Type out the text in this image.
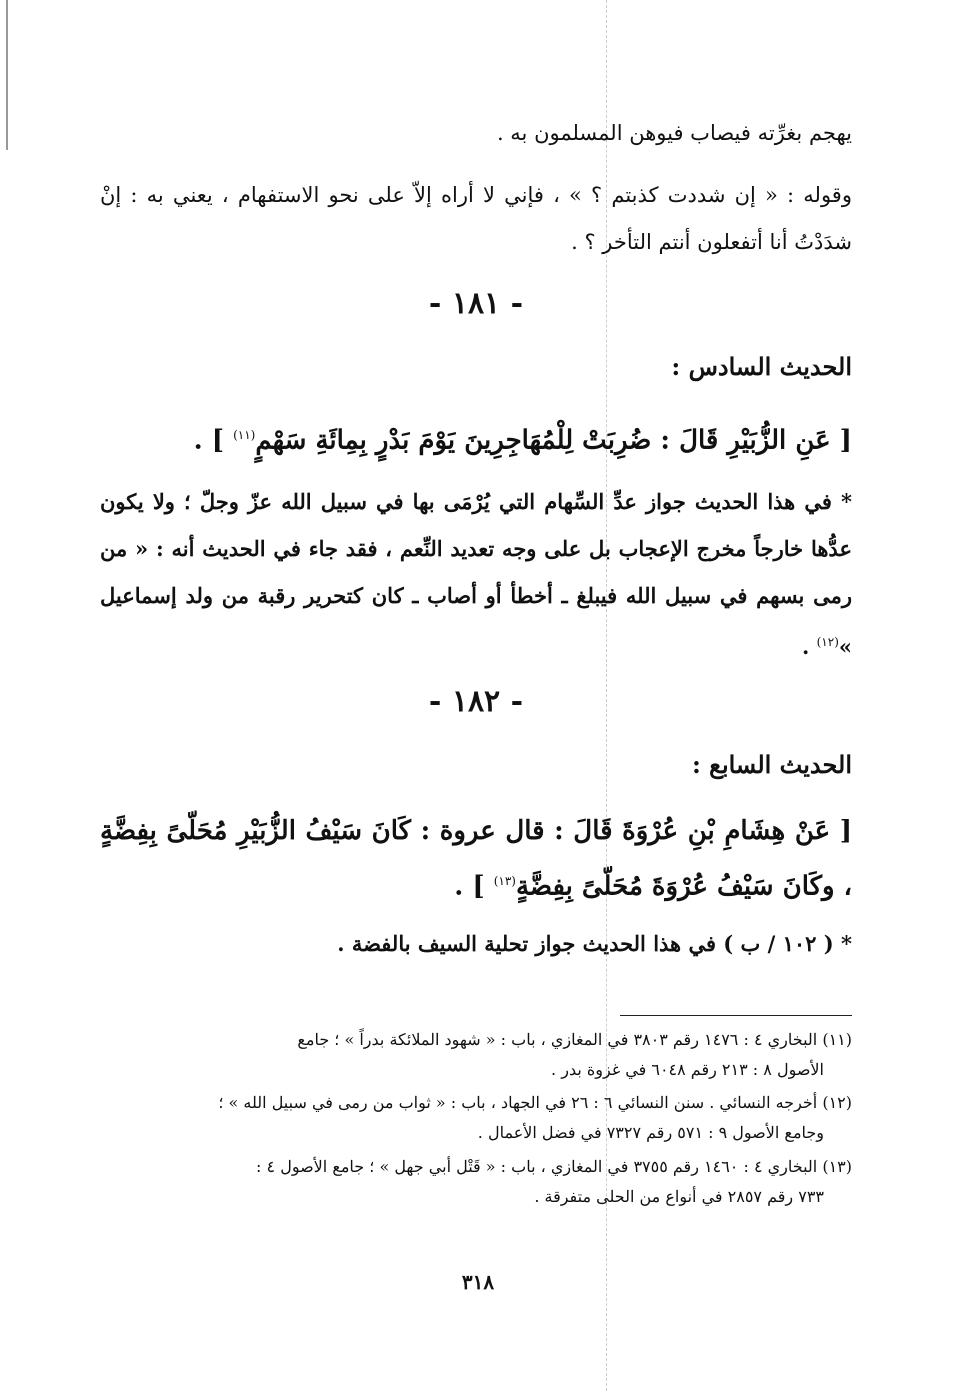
يهجم بغرِّته فيصاب فيوهن المسلمون به .
وقوله : « إن شددت كذبتم ؟ » ، فإني لا أراه إلاّ على نحو الاستفهام ، يعني به : إنْ شدَدْتُ أنا أتفعلون أنتم التأخر ؟ .
- ١٨١ -
الحديث السادس :
[ عَنِ الزُّبَيْرِ قَالَ : ضُرِبَتْ لِلْمُهَاجِرِينَ يَوْمَ بَدْرٍ بِمِائَةِ سَهْمٍ$^{(١١)}$ ] .
* في هذا الحديث جواز عدِّ السِّهام التي يُرْمَى بها في سبيل الله عزّ وجلّ ؛ ولا يكون عدُّها خارجاً مخرج الإعجاب بل على وجه تعديد النِّعم ، فقد جاء في الحديث أنه : « من رمى بسهم في سبيل الله فيبلغ ـ أخطأ أو أصاب ـ كان كتحرير رقبة من ولد إسماعيل »$^{(١٢)}$ .
- ١٨٢ -
الحديث السابع :
[ عَنْ هِشَامِ بْنِ عُرْوَةَ قَالَ : قال عروة : كَانَ سَيْفُ الزُّبَيْرِ مُحَلّىً بِفِضَّةٍ ، وكَانَ سَيْفُ عُرْوَةَ مُحَلّىً بِفِضَّةٍ$^{(١٣)}$ ] .
* ( ١٠٢ / ب ) في هذا الحديث جواز تحلية السيف بالفضة .
(١١) البخاري ٤ : ١٤٧٦ رقم ٣٨٠٣ في المغازي ، باب : « شهود الملائكة بدراً » ؛ جامع
الأصول ٨ : ٢١٣ رقم ٦٠٤٨ في غزوة بدر .
(١٢) أخرجه النسائي . سنن النسائي ٦ : ٢٦ في الجهاد ، باب : « ثواب من رمى في سبيل الله » ؛
وجامع الأصول ٩ : ٥٧١ رقم ٧٣٢٧ في فضل الأعمال .
(١٣) البخاري ٤ : ١٤٦٠ رقم ٣٧٥٥ في المغازي ، باب : « قَتْل أبي جهل » ؛ جامع الأصول ٤ :
٧٣٣ رقم ٢٨٥٧ في أنواع من الحلى متفرقة .
٣١٨
